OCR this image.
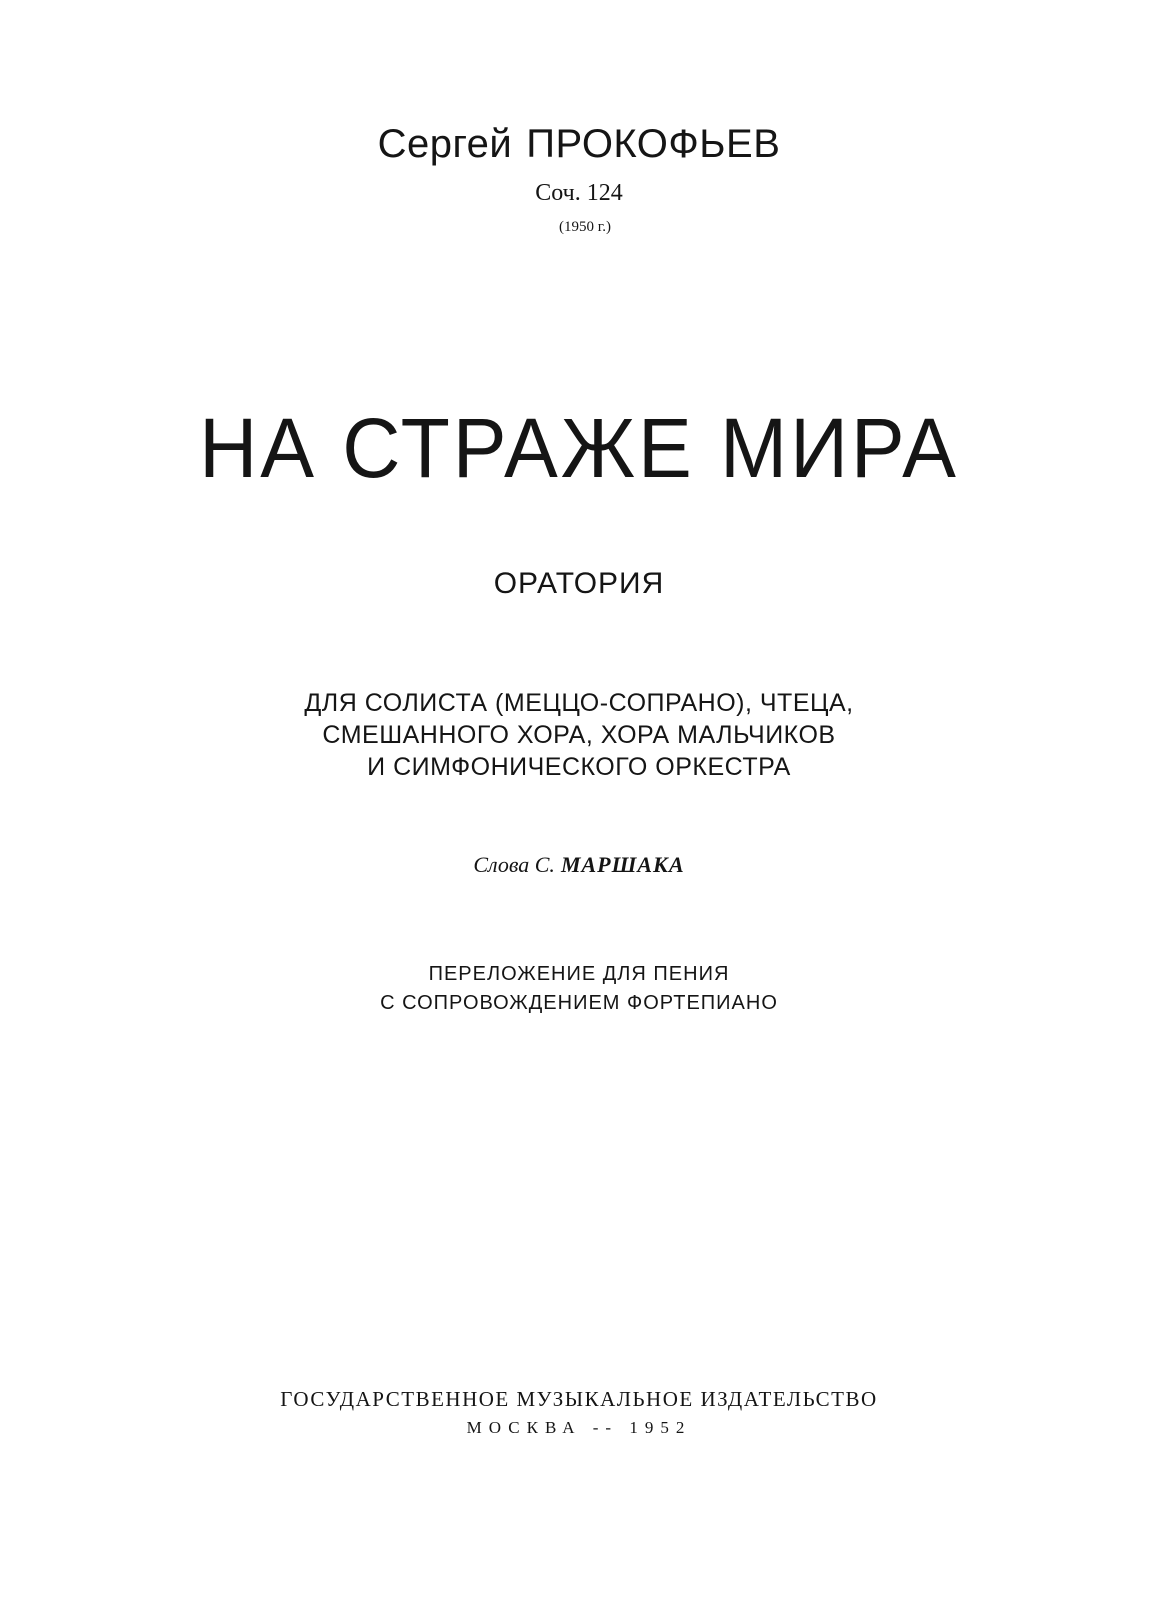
Сергей ПРОКОФЬЕВ
Соч. 124
(1950 г.)
НА СТРАЖЕ МИРА
ОРАТОРИЯ
ДЛЯ СОЛИСТА (МЕЦЦО-СОПРАНО), ЧТЕЦА,
СМЕШАННОГО ХОРА, ХОРА МАЛЬЧИКОВ
И СИМФОНИЧЕСКОГО ОРКЕСТРА
Слова С. МАРШАКА
ПЕРЕЛОЖЕНИЕ ДЛЯ ПЕНИЯ
С СОПРОВОЖДЕНИЕМ ФОРТЕПИАНО
ГОСУДАРСТВЕННОЕ МУЗЫКАЛЬНОЕ ИЗДАТЕЛЬСТВО
МОСКВА -- 1952
